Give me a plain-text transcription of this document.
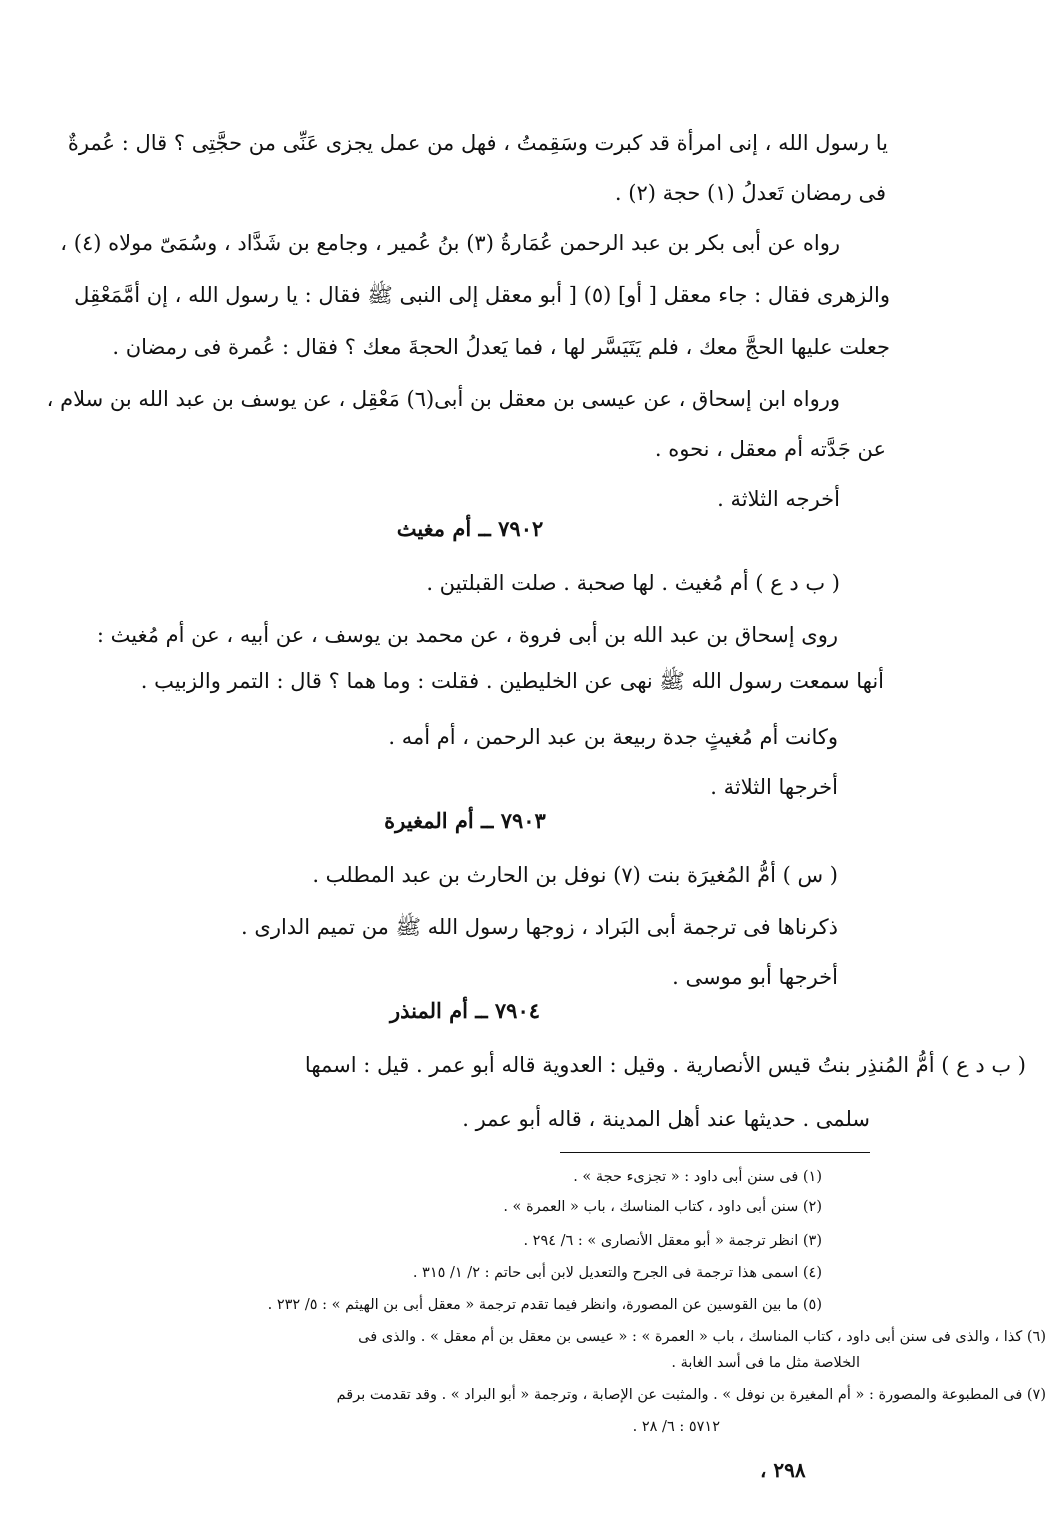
يا رسول الله ، إنى امرأة قد كبرت وسَقِمتُ ، فهل من عمل يجزى عَنِّى من حجَّتِى ؟ قال : عُمرةٌ
فى رمضان تَعدلُ (١) حجة (٢) .
رواه عن أبى بكر بن عبد الرحمن عُمَارةُ (٣) بنُ عُمير ، وجامع بن شَدَّاد ، وسُمَىّ مولاه (٤) ،
والزهرى فقال : جاء معقل [ أو] (٥) [ أبو معقل إلى النبى ﷺ فقال : يا رسول الله ، إن أمَّمَعْقِل
جعلت عليها الحجَّ معك ، فلم يَتَيَسَّر لها ، فما يَعدلُ الحجةَ معك ؟ فقال : عُمرة فى رمضان .
ورواه ابن إسحاق ، عن عيسى بن معقل بن أبى(٦) مَعْقِل ، عن يوسف بن عبد الله بن سلام ،
عن جَدَّته أم معقل ، نحوه .
أخرجه الثلاثة .
٧٩٠٢ ــ أم مغيث
( ب د ع ) أم مُغيث . لها صحبة . صلت القبلتين .
روى إسحاق بن عبد الله بن أبى فروة ، عن محمد بن يوسف ، عن أبيه ، عن أم مُغيث :
أنها سمعت رسول الله ﷺ نهى عن الخليطين . فقلت : وما هما ؟ قال : التمر والزبيب .
وكانت أم مُغيثٍ جدة ربيعة بن عبد الرحمن ، أم أمه .
أخرجها الثلاثة .
٧٩٠٣ ــ أم المغيرة
( س ) أمُّ المُغيرَة بنت (٧) نوفل بن الحارث بن عبد المطلب .
ذكرناها فى ترجمة أبى البَراد ، زوجها رسول الله ﷺ من تميم الدارى .
أخرجها أبو موسى .
٧٩٠٤ ــ أم المنذر
( ب د ع ) أمُّ المُنذِر بنتُ قيس الأنصارية . وقيل : العدوية قاله أبو عمر . قيل : اسمها
سلمى . حديثها عند أهل المدينة ، قاله أبو عمر .
(١) فى سنن أبى داود : « تجزىء حجة » .
(٢) سنن أبى داود ، كتاب المناسك ، باب « العمرة » .
(٣) انظر ترجمة « أبو معقل الأنصارى » : ٦/ ٢٩٤ .
(٤) اسمى هذا ترجمة فى الجرح والتعديل لابن أبى حاتم : ٢/ ١/ ٣١٥ .
(٥) ما بين القوسين عن المصورة، وانظر فيما تقدم ترجمة « معقل أبى بن الهيثم » : ٥/ ٢٣٢ .
(٦) كذا ، والذى فى سنن أبى داود ، كتاب المناسك ، باب « العمرة » : « عيسى بن معقل بن أم معقل » . والذى فى
الخلاصة مثل ما فى أسد الغابة .
(٧) فى المطبوعة والمصورة : « أم المغيرة بن نوفل » . والمثبت عن الإصابة ، وترجمة « أبو البراد » . وقد تقدمت برقم
٥٧١٢ : ٦/ ٢٨ .
٢٩٨ ،
